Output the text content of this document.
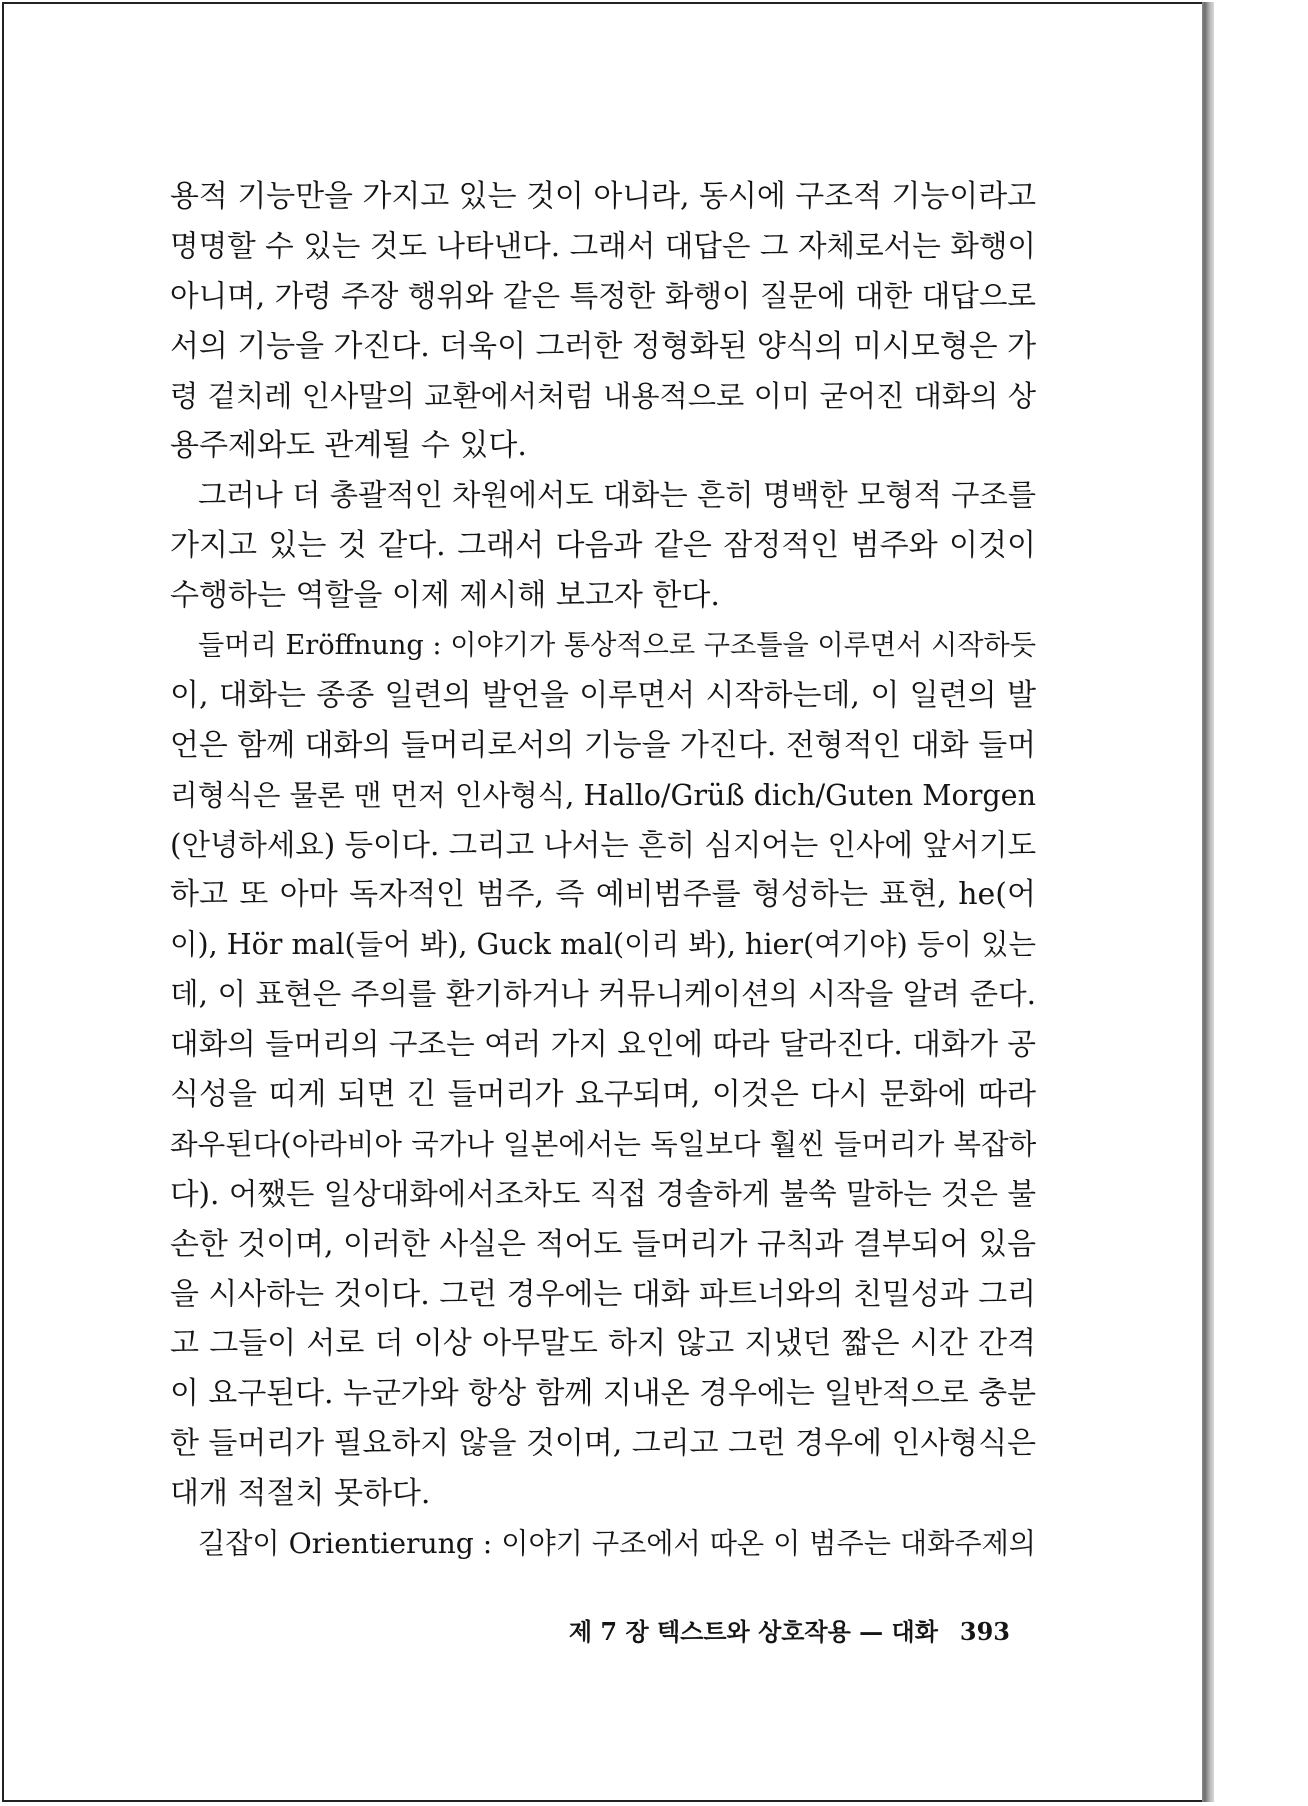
용적 기능만을 가지고 있는 것이 아니라, 동시에 구조적 기능이라고
명명할 수 있는 것도 나타낸다. 그래서 대답은 그 자체로서는 화행이
아니며, 가령 주장 행위와 같은 특정한 화행이 질문에 대한 대답으로
서의 기능을 가진다. 더욱이 그러한 정형화된 양식의 미시모형은 가
령 겉치레 인사말의 교환에서처럼 내용적으로 이미 굳어진 대화의 상
용주제와도 관계될 수 있다.
그러나 더 총괄적인 차원에서도 대화는 흔히 명백한 모형적 구조를
가지고 있는 것 같다. 그래서 다음과 같은 잠정적인 범주와 이것이
수행하는 역할을 이제 제시해 보고자 한다.
들머리 Eröffnung : 이야기가 통상적으로 구조틀을 이루면서 시작하듯
이, 대화는 종종 일련의 발언을 이루면서 시작하는데, 이 일련의 발
언은 함께 대화의 들머리로서의 기능을 가진다. 전형적인 대화 들머
리형식은 물론 맨 먼저 인사형식, Hallo/Grüß dich/Guten Morgen
(안녕하세요) 등이다. 그리고 나서는 흔히 심지어는 인사에 앞서기도
하고 또 아마 독자적인 범주, 즉 예비범주를 형성하는 표현, he(어
이), Hör mal(들어 봐), Guck mal(이리 봐), hier(여기야) 등이 있는
데, 이 표현은 주의를 환기하거나 커뮤니케이션의 시작을 알려 준다.
대화의 들머리의 구조는 여러 가지 요인에 따라 달라진다. 대화가 공
식성을 띠게 되면 긴 들머리가 요구되며, 이것은 다시 문화에 따라
좌우된다(아라비아 국가나 일본에서는 독일보다 훨씬 들머리가 복잡하
다). 어쨌든 일상대화에서조차도 직접 경솔하게 불쑥 말하는 것은 불
손한 것이며, 이러한 사실은 적어도 들머리가 규칙과 결부되어 있음
을 시사하는 것이다. 그런 경우에는 대화 파트너와의 친밀성과 그리
고 그들이 서로 더 이상 아무말도 하지 않고 지냈던 짧은 시간 간격
이 요구된다. 누군가와 항상 함께 지내온 경우에는 일반적으로 충분
한 들머리가 필요하지 않을 것이며, 그리고 그런 경우에 인사형식은
대개 적절치 못하다.
길잡이 Orientierung : 이야기 구조에서 따온 이 범주는 대화주제의
제 7 장 텍스트와 상호작용 — 대화 393
